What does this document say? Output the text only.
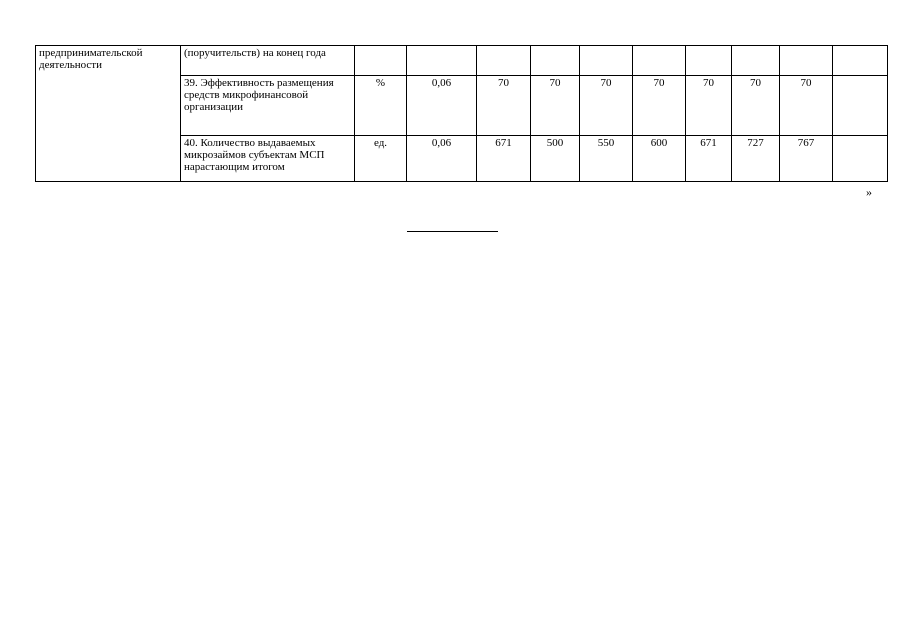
предпринимательской деятельности	(поручительств) на конец года										
	39. Эффективность размещения средств микрофинансовой организации	%	0,06	70	70	70	70	70	70	70	
	40. Количество выдаваемых микрозаймов субъектам МСП нарастающим итогом	ед.	0,06	671	500	550	600	671	727	767	
»
